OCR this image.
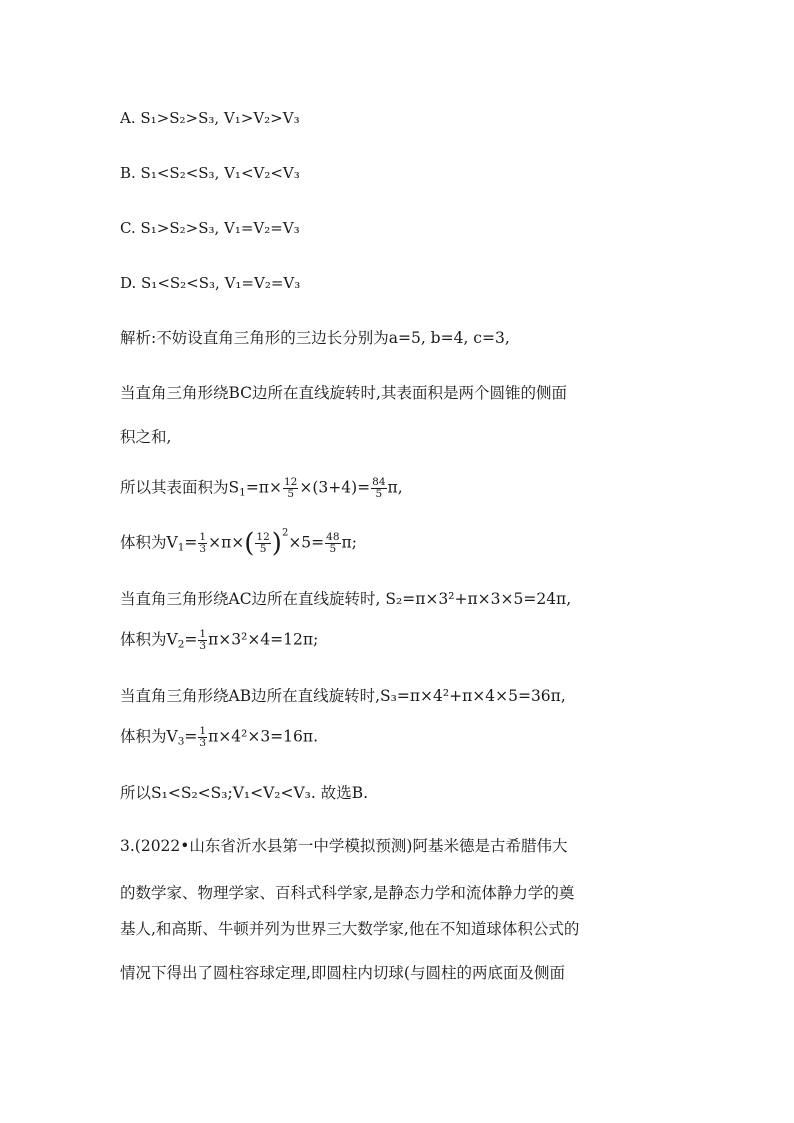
A. S₁>S₂>S₃, V₁>V₂>V₃
B. S₁<S₂<S₃, V₁<V₂<V₃
C. S₁>S₂>S₃, V₁=V₂=V₃
D. S₁<S₂<S₃, V₁=V₂=V₃
解析:不妨设直角三角形的三边长分别为a=5, b=4, c=3,
当直角三角形绕BC边所在直线旋转时,其表面积是两个圆锥的侧面
积之和,
所以其表面积为$S_1=\pi\times \frac{12}{5} \times(3+4)= \frac{84}{5} \pi$,
体积为$V_1= \frac{1}{3} \times\pi\times( \frac{12}{5} )^2\times 5= \frac{48}{5} \pi$;
当直角三角形绕AC边所在直线旋转时, S₂=π×3²+π×3×5=24π,
体积为$V_2= \frac{1}{3} \pi\times 3^2\times 4=12\pi$;
当直角三角形绕AB边所在直线旋转时,S₃=π×4²+π×4×5=36π,
体积为$V_3= \frac{1}{3} \pi\times 4^2\times 3=16\pi$.
所以S₁<S₂<S₃;V₁<V₂<V₃. 故选B.
3.(2022•山东省沂水县第一中学模拟预测)阿基米德是古希腊伟大
的数学家、物理学家、百科式科学家,是静态力学和流体静力学的奠
基人,和高斯、牛顿并列为世界三大数学家,他在不知道球体积公式的
情况下得出了圆柱容球定理,即圆柱内切球(与圆柱的两底面及侧面
